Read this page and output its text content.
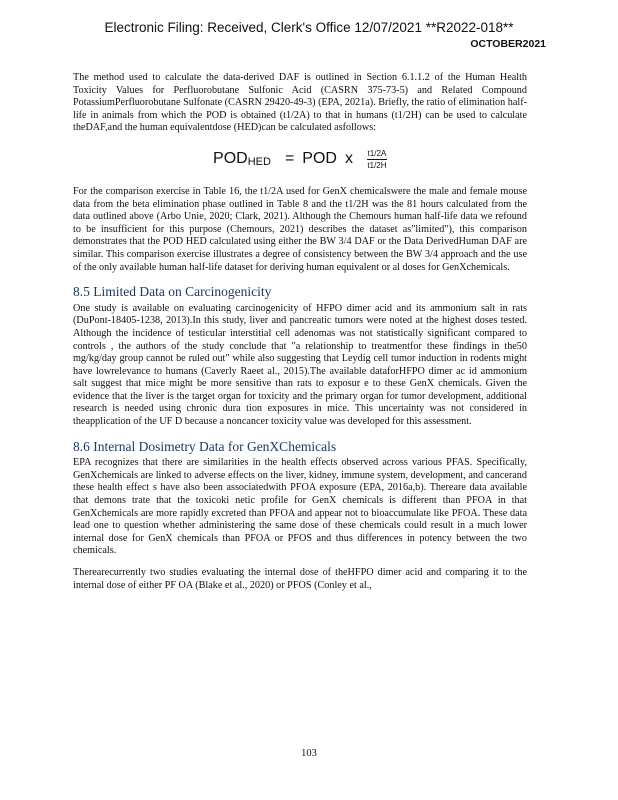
Electronic Filing: Received, Clerk's Office 12/07/2021 **R2022-018**
OCTOBER2021

The method used to calculate the data-derived DAF is outlined in Section 6.1.1.2 of the Human Health Toxicity Values for Perfluorobutane Sulfonic Acid (CASRN 375-73-5) and Related Compound PotassiumPerfluorobutane Sulfonate (CASRN 29420-49-3) (EPA, 2021a). Briefly, the ratio of elimination half-life in animals from which the POD is obtained (t1/2A) to that in humans (t1/2H) can be used to calculate theDAF,and the human equivalentdose (HED)can be calculated asfollows:

POD HED = POD x $\frac{t1/2A}{t1/2H}$

For the comparison exercise in Table 16, the t1/2A used for GenX chemicalswere the male and female mouse data from the beta elimination phase outlined in Table 8 and the t1/2H was the 81 hours calculated from the data outlined above (Arbo Unie, 2020; Clark, 2021). Although the Chemours human half-life data we refound to be insufficient for this purpose (Chemours, 2021) describes the dataset as"limited"), this comparison demonstrates that the POD HED calculated using either the BW 3/4 DAF or the Data DerivedHuman DAF are similar. This comparison exercise illustrates a degree of consistency between the BW 3/4 approach and the use of the only available human half-life dataset for deriving human equivalent or al doses for GenXchemicals.

8.5 Limited Data on Carcinogenicity

One study is available on evaluating carcinogenicity of HFPO dimer acid and its ammonium salt in rats (DuPont-18405-1238, 2013).In this study, liver and pancreatic tumors were noted at the highest doses tested. Although the incidence of testicular interstitial cell adenomas was not statistically significant compared to controls , the authors of the study conclude that "a relationship to treatmentfor these findings in the50 mg/kg/day group cannot be ruled out" while also suggesting that Leydig cell tumor induction in rodents might have lowrelevance to humans (Caverly Raeet al., 2015).The available dataforHFPO dimer ac id ammonium salt suggest that mice might be more sensitive than rats to exposur e to these GenX chemicals. Given the evidence that the liver is the target organ for toxicity and the primary organ for tumor development, additional research is needed using chronic dura tion exposures in mice. This uncertainty was not considered in theapplication of the UF D because a noncancer toxicity value was developed for this assessment.

8.6 Internal Dosimetry Data for GenXChemicals

EPA recognizes that there are similarities in the health effects observed across various PFAS. Specifically, GenXchemicals are linked to adverse effects on the liver, kidney, immune system, development, and cancerand these health effect s have also been associatedwith PFOA exposure (EPA, 2016a,b). Thereare data available that demons trate that the toxicoki netic profile for GenX chemicals is different than PFOA in that GenXchemicals are more rapidly excreted than PFOA and appear not to bioaccumulate like PFOA. These data lead one to question whether administering the same dose of these chemicals could result in a much lower internal dose for GenX chemicals than PFOA or PFOS and thus differences in potency between the two chemicals.

Therearecurrently two studies evaluating the internal dose of theHFPO dimer acid and comparing it to the internal dose of either PF OA (Blake et al., 2020) or PFOS (Conley et al.,

103
